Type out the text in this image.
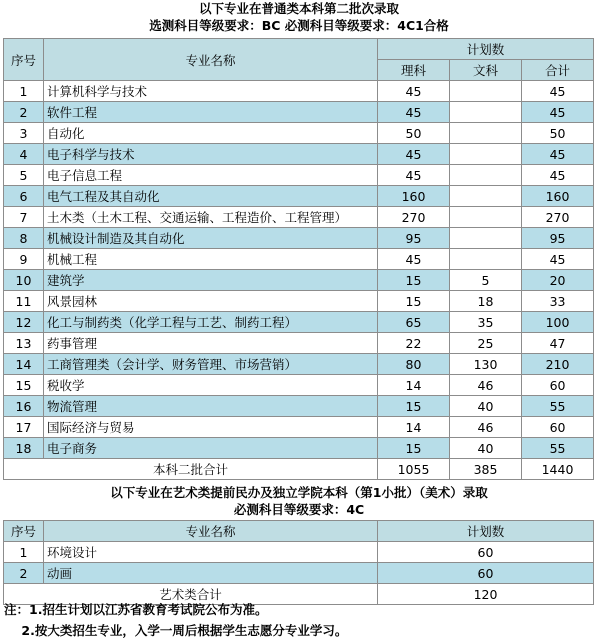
以下专业在普通类本科第二批次录取
选测科目等级要求：BC 必测科目等级要求：4C1合格
序号	专业名称	计划数		
		理科	文科	合计
1	计算机科学与技术	45		45
2	软件工程	45		45
3	自动化	50		50
4	电子科学与技术	45		45
5	电子信息工程	45		45
6	电气工程及其自动化	160		160
7	土木类（土木工程、交通运输、工程造价、工程管理）	270		270
8	机械设计制造及其自动化	95		95
9	机械工程	45		45
10	建筑学	15	5	20
11	风景园林	15	18	33
12	化工与制药类（化学工程与工艺、制药工程）	65	35	100
13	药事管理	22	25	47
14	工商管理类（会计学、财务管理、市场营销）	80	130	210
15	税收学	14	46	60
16	物流管理	15	40	55
17	国际经济与贸易	14	46	60
18	电子商务	15	40	55
本科二批合计		1055	385	1440
以下专业在艺术类提前民办及独立学院本科（第1小批）（美术）录取
必测科目等级要求：4C
序号	专业名称	计划数
1	环境设计	60
2	动画	60
艺术类合计		120
注：1.招生计划以江苏省教育考试院公布为准。
2.按大类招生专业，入学一周后根据学生志愿分专业学习。
